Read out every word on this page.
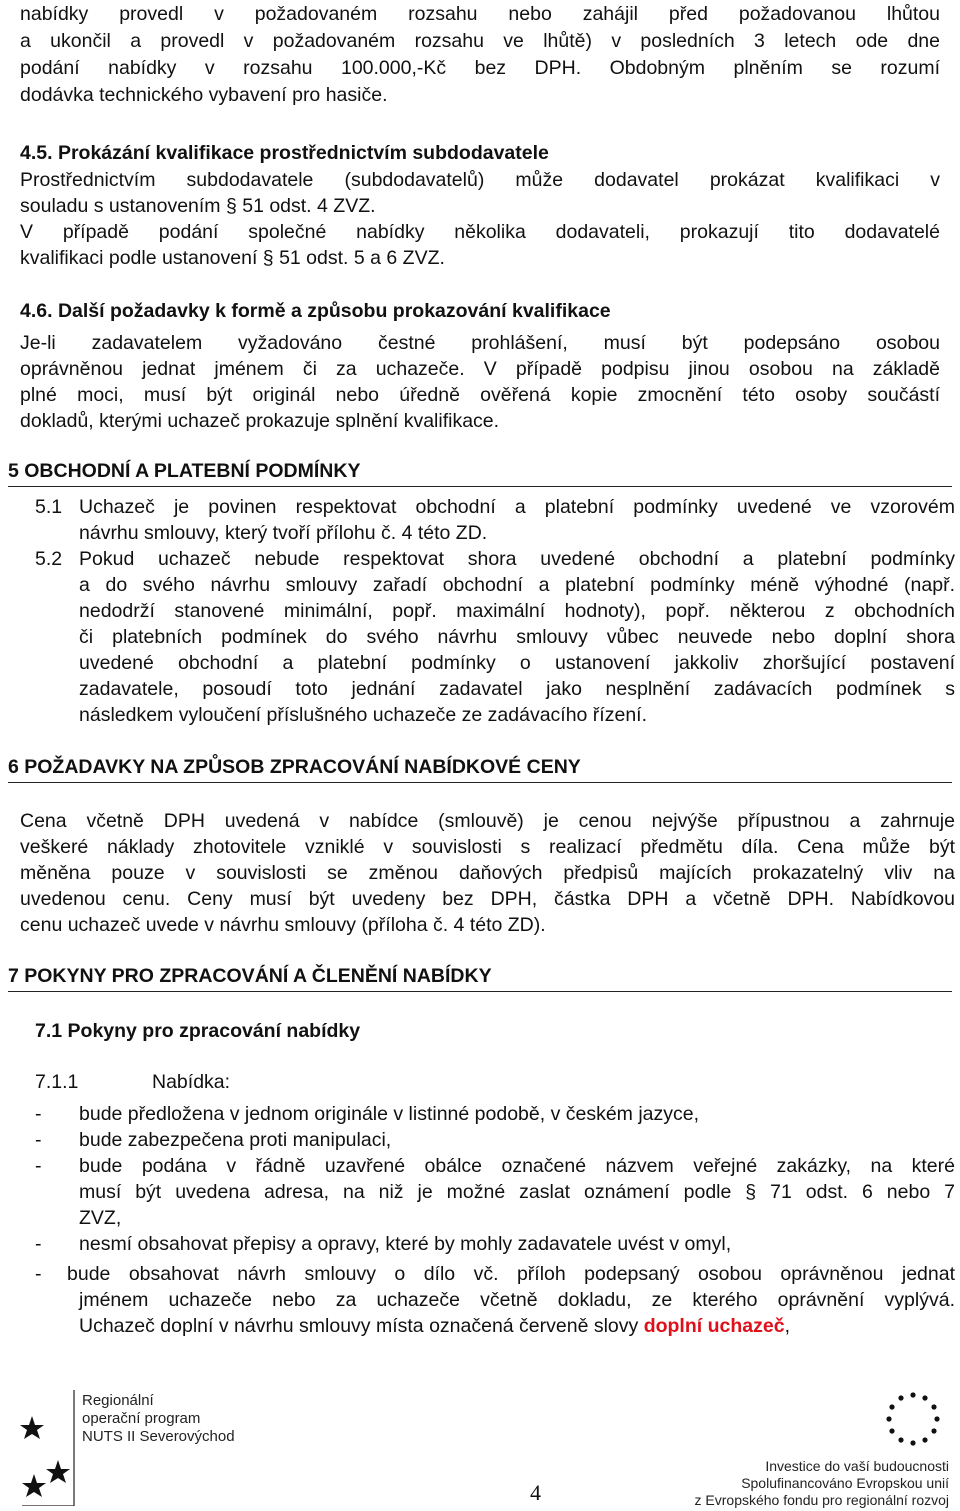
nabídky provedl v požadovaném rozsahu nebo zahájil před požadovanou lhůtou

a ukončil a provedl v požadovaném rozsahu ve lhůtě) v posledních 3 letech ode dne

podání nabídky v rozsahu 100.000,-Kč bez DPH. Obdobným plněním se rozumí

dodávka technického vybavení pro hasiče.

4.5. Prokázání kvalifikace prostřednictvím subdodavatele

Prostřednictvím subdodavatele (subdodavatelů) může dodavatel prokázat kvalifikaci v

souladu s ustanovením § 51 odst. 4 ZVZ.

V případě podání společné nabídky několika dodavateli, prokazují tito dodavatelé

kvalifikaci podle ustanovení § 51 odst. 5 a 6 ZVZ.

4.6. Další požadavky k formě a způsobu prokazování kvalifikace

Je-li zadavatelem vyžadováno čestné prohlášení, musí být podepsáno osobou

oprávněnou jednat jménem či za uchazeče. V případě podpisu jinou osobou na základě

plné moci, musí být originál nebo úředně ověřená kopie zmocnění této osoby součástí

dokladů, kterými uchazeč prokazuje splnění kvalifikace.

5 OBCHODNÍ A PLATEBNÍ PODMÍNKY

5.1 Uchazeč je povinen respektovat obchodní a platební podmínky uvedené ve vzorovém

návrhu smlouvy, který tvoří přílohu č. 4 této ZD.

5.2 Pokud uchazeč nebude respektovat shora uvedené obchodní a platební podmínky

a do svého návrhu smlouvy zařadí obchodní a platební podmínky méně výhodné (např.

nedodrží stanovené minimální, popř. maximální hodnoty), popř. některou z obchodních

či platebních podmínek do svého návrhu smlouvy vůbec neuvede nebo doplní shora

uvedené obchodní a platební podmínky o ustanovení jakkoliv zhoršující postavení

zadavatele, posoudí toto jednání zadavatel jako nesplnění zadávacích podmínek s

následkem vyloučení příslušného uchazeče ze zadávacího řízení.

6 POŽADAVKY NA ZPŮSOB ZPRACOVÁNÍ NABÍDKOVÉ CENY

Cena včetně DPH uvedená v nabídce (smlouvě) je cenou nejvýše přípustnou a zahrnuje

veškeré náklady zhotovitele vzniklé v souvislosti s realizací předmětu díla. Cena může být

měněna pouze v souvislosti se změnou daňových předpisů majících prokazatelný vliv na

uvedenou cenu. Ceny musí být uvedeny bez DPH, částka DPH a včetně DPH. Nabídkovou

cenu uchazeč uvede v návrhu smlouvy (příloha č. 4 této ZD).

7 POKYNY PRO ZPRACOVÁNÍ A ČLENĚNÍ NABÍDKY

7.1 Pokyny pro zpracování nabídky

7.1.1	Nabídka:

- bude předložena v jednom originále v listinné podobě, v českém jazyce,

- bude zabezpečena proti manipulaci,

- bude podána v řádně uzavřené obálce označené názvem veřejné zakázky, na které

musí být uvedena adresa, na niž je možné zaslat oznámení podle § 71 odst. 6 nebo 7

ZVZ,

- nesmí obsahovat přepisy a opravy, které by mohly zadavatele uvést v omyl,

- bude obsahovat návrh smlouvy o dílo vč. příloh podepsaný osobou oprávněnou jednat

jménem uchazeče nebo za uchazeče včetně dokladu, ze kterého oprávnění vyplývá.

Uchazeč doplní v návrhu smlouvy místa označená červeně slovy doplní uchazeč,

Regionální
operační program
NUTS II Severovýchod
4
Investice do vaší budoucnosti
Spolufinancováno Evropskou unií
z Evropského fondu pro regionální rozvoj
